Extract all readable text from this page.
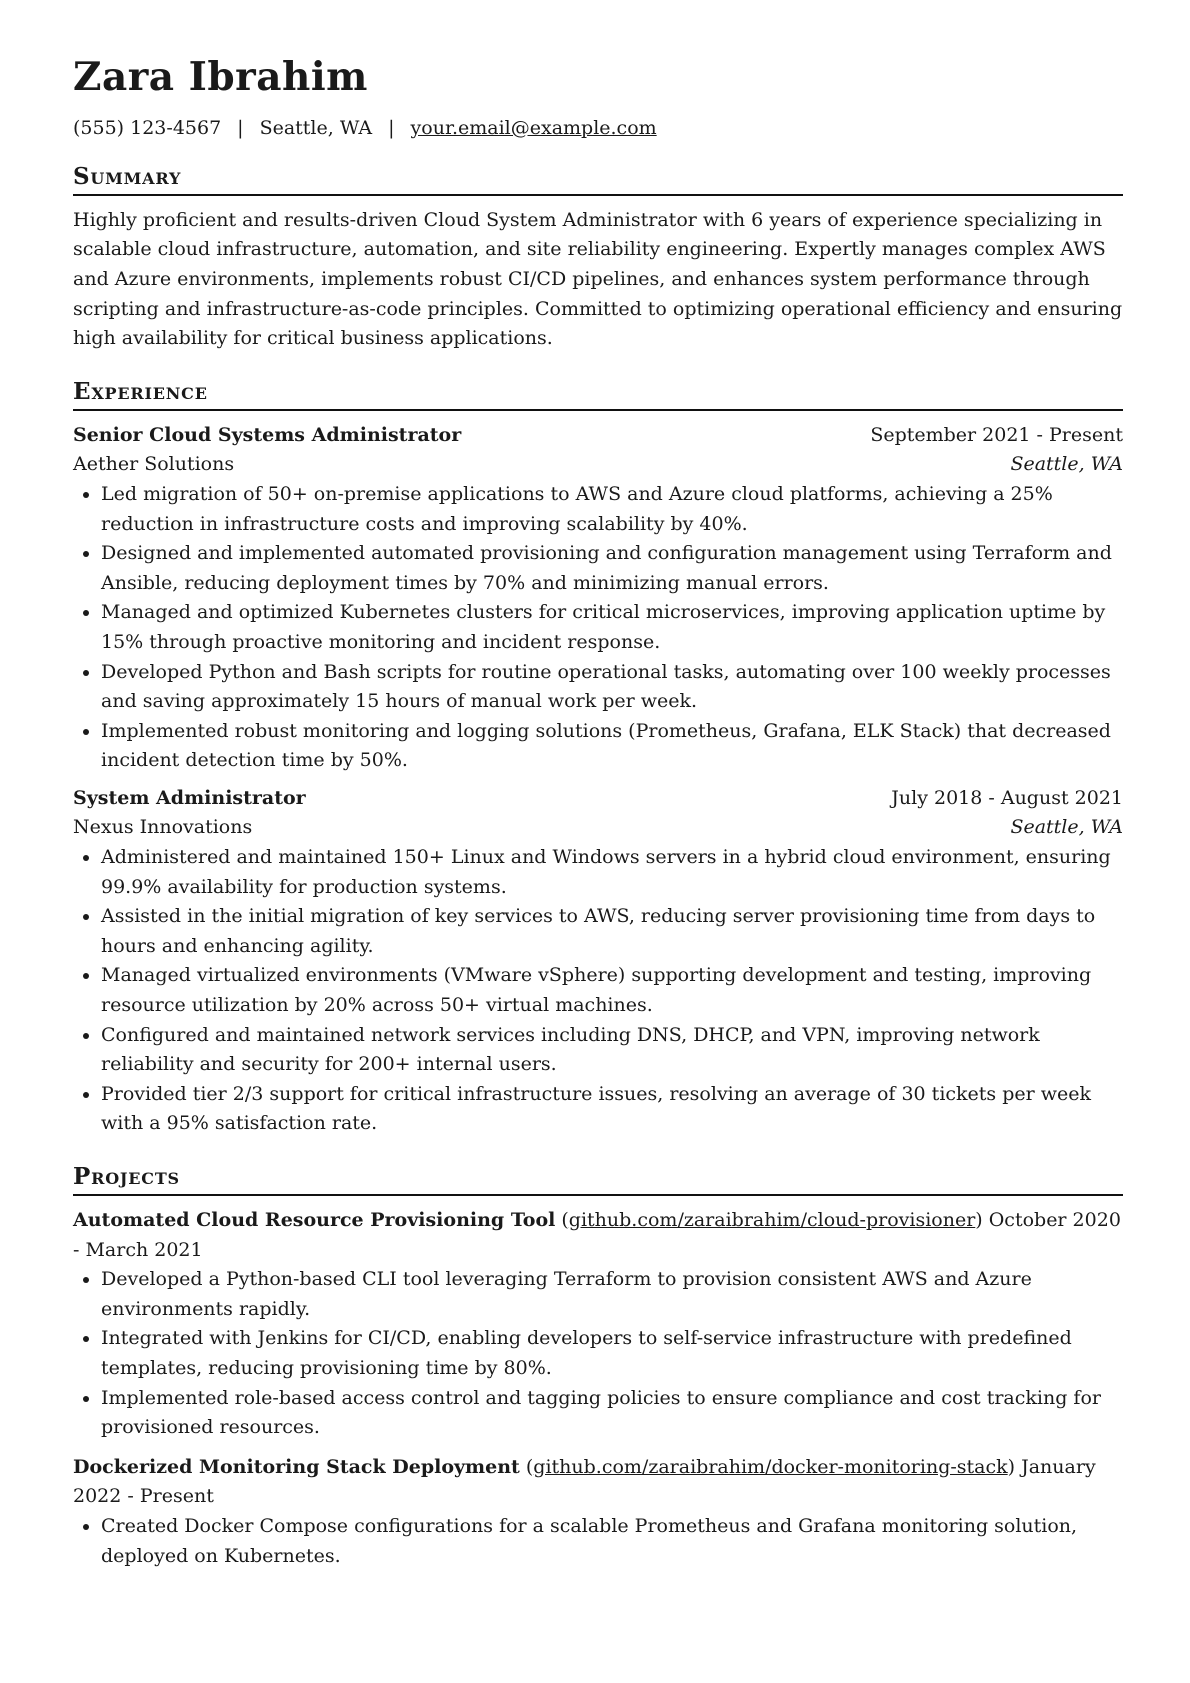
Zara Ibrahim
(555) 123-4567 | Seattle, WA | your.email@example.com
Summary

Highly proficient and results-driven Cloud System Administrator with 6 years of experience specializing in scalable cloud infrastructure, automation, and site reliability engineering. Expertly manages complex AWS and Azure environments, implements robust CI/CD pipelines, and enhances system performance through scripting and infrastructure-as-code principles. Committed to optimizing operational efficiency and ensuring high availability for critical business applications.

Experience
Senior Cloud Systems Administrator	September 2021 - Present
Aether Solutions	Seattle, WA
• Led migration of 50+ on-premise applications to AWS and Azure cloud platforms, achieving a 25% reduction in infrastructure costs and improving scalability by 40%.
• Designed and implemented automated provisioning and configuration management using Terraform and Ansible, reducing deployment times by 70% and minimizing manual errors.
• Managed and optimized Kubernetes clusters for critical microservices, improving application uptime by 15% through proactive monitoring and incident response.
• Developed Python and Bash scripts for routine operational tasks, automating over 100 weekly processes and saving approximately 15 hours of manual work per week.
• Implemented robust monitoring and logging solutions (Prometheus, Grafana, ELK Stack) that decreased incident detection time by 50%.
System Administrator	July 2018 - August 2021
Nexus Innovations	Seattle, WA
• Administered and maintained 150+ Linux and Windows servers in a hybrid cloud environment, ensuring 99.9% availability for production systems.
• Assisted in the initial migration of key services to AWS, reducing server provisioning time from days to hours and enhancing agility.
• Managed virtualized environments (VMware vSphere) supporting development and testing, improving resource utilization by 20% across 50+ virtual machines.
• Configured and maintained network services including DNS, DHCP, and VPN, improving network reliability and security for 200+ internal users.
• Provided tier 2/3 support for critical infrastructure issues, resolving an average of 30 tickets per week with a 95% satisfaction rate.
Projects
Automated Cloud Resource Provisioning Tool (github.com/zaraibrahim/cloud-provisioner) October 2020 - March 2021
• Developed a Python-based CLI tool leveraging Terraform to provision consistent AWS and Azure environments rapidly.
• Integrated with Jenkins for CI/CD, enabling developers to self-service infrastructure with predefined templates, reducing provisioning time by 80%.
• Implemented role-based access control and tagging policies to ensure compliance and cost tracking for provisioned resources.
Dockerized Monitoring Stack Deployment (github.com/zaraibrahim/docker-monitoring-stack) January 2022 - Present
• Created Docker Compose configurations for a scalable Prometheus and Grafana monitoring solution, deployed on Kubernetes.
